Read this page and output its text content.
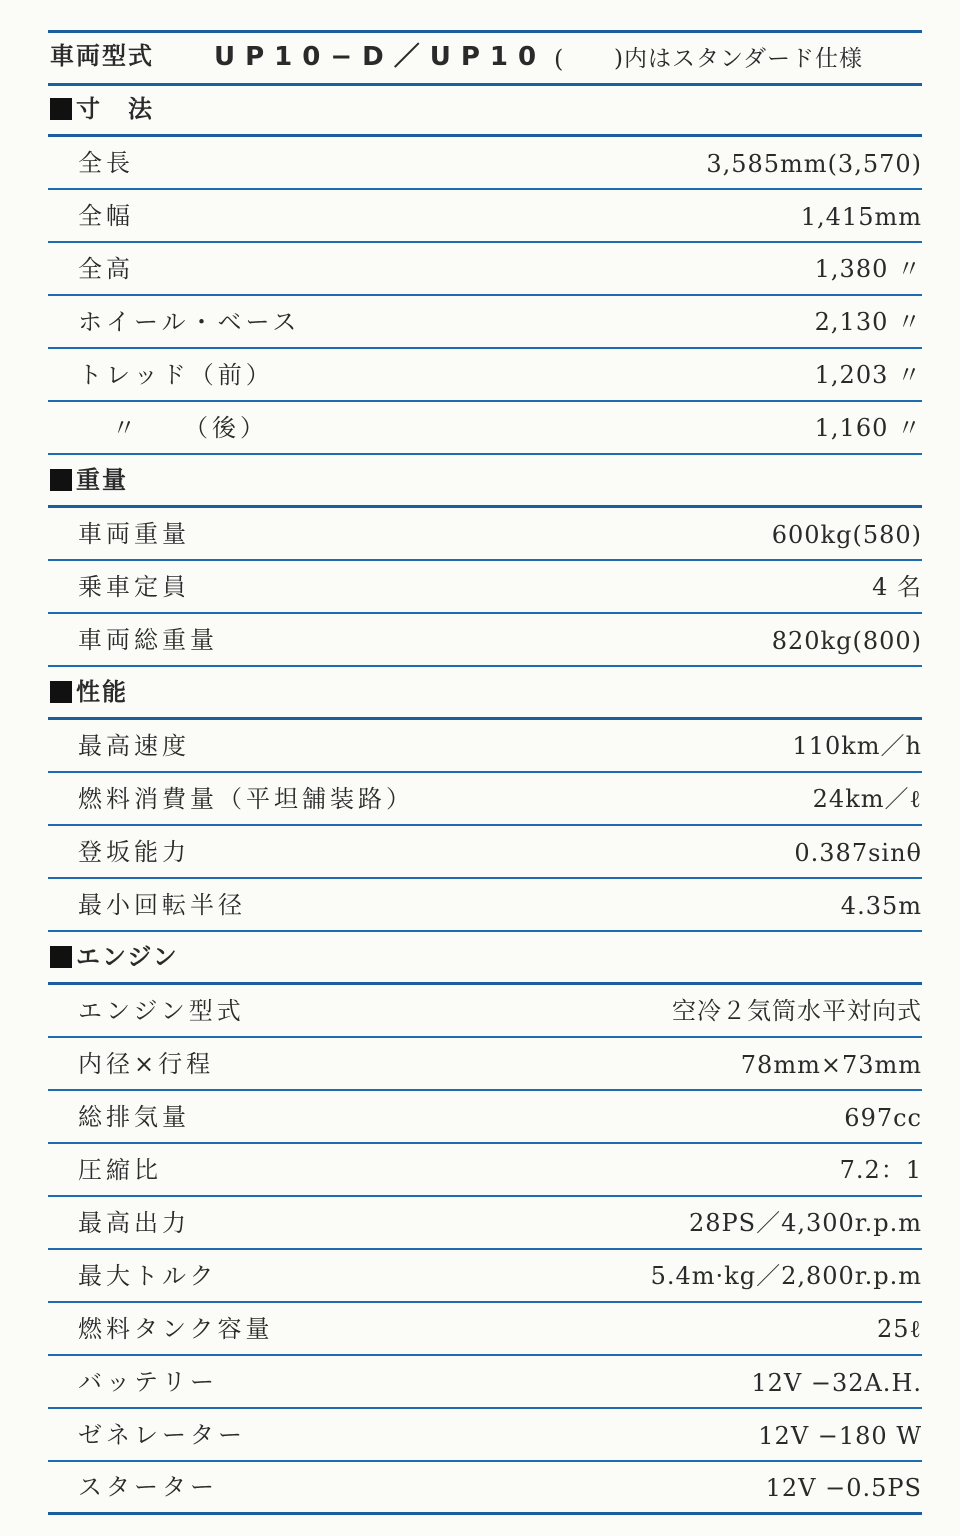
車両型式 UP10−D／UP10 ( )内はスタンダード仕様
寸　法
全長	3,585mm(3,570)
全幅	1,415mm
全高	1,380 〃
ホイール・ベース	2,130 〃
トレッド（前）	1,203 〃
〃　　（後）	1,160 〃
重量
車両重量	600kg(580)
乗車定員	4 名
車両総重量	820kg(800)
性能
最高速度	110km／h
燃料消費量（平坦舗装路）	24km／ℓ
登坂能力	0.387sinθ
最小回転半径	4.35m
エンジン
エンジン型式	空冷２気筒水平対向式
内径×行程	78mm×73mm
総排気量	697cc
圧縮比	7.2：1
最高出力	28PS／4,300r.p.m
最大トルク	5.4m·kg／2,800r.p.m
燃料タンク容量	25ℓ
バッテリー	12V −32A.H.
ゼネレーター	12V −180 W
スターター	12V −0.5PS
